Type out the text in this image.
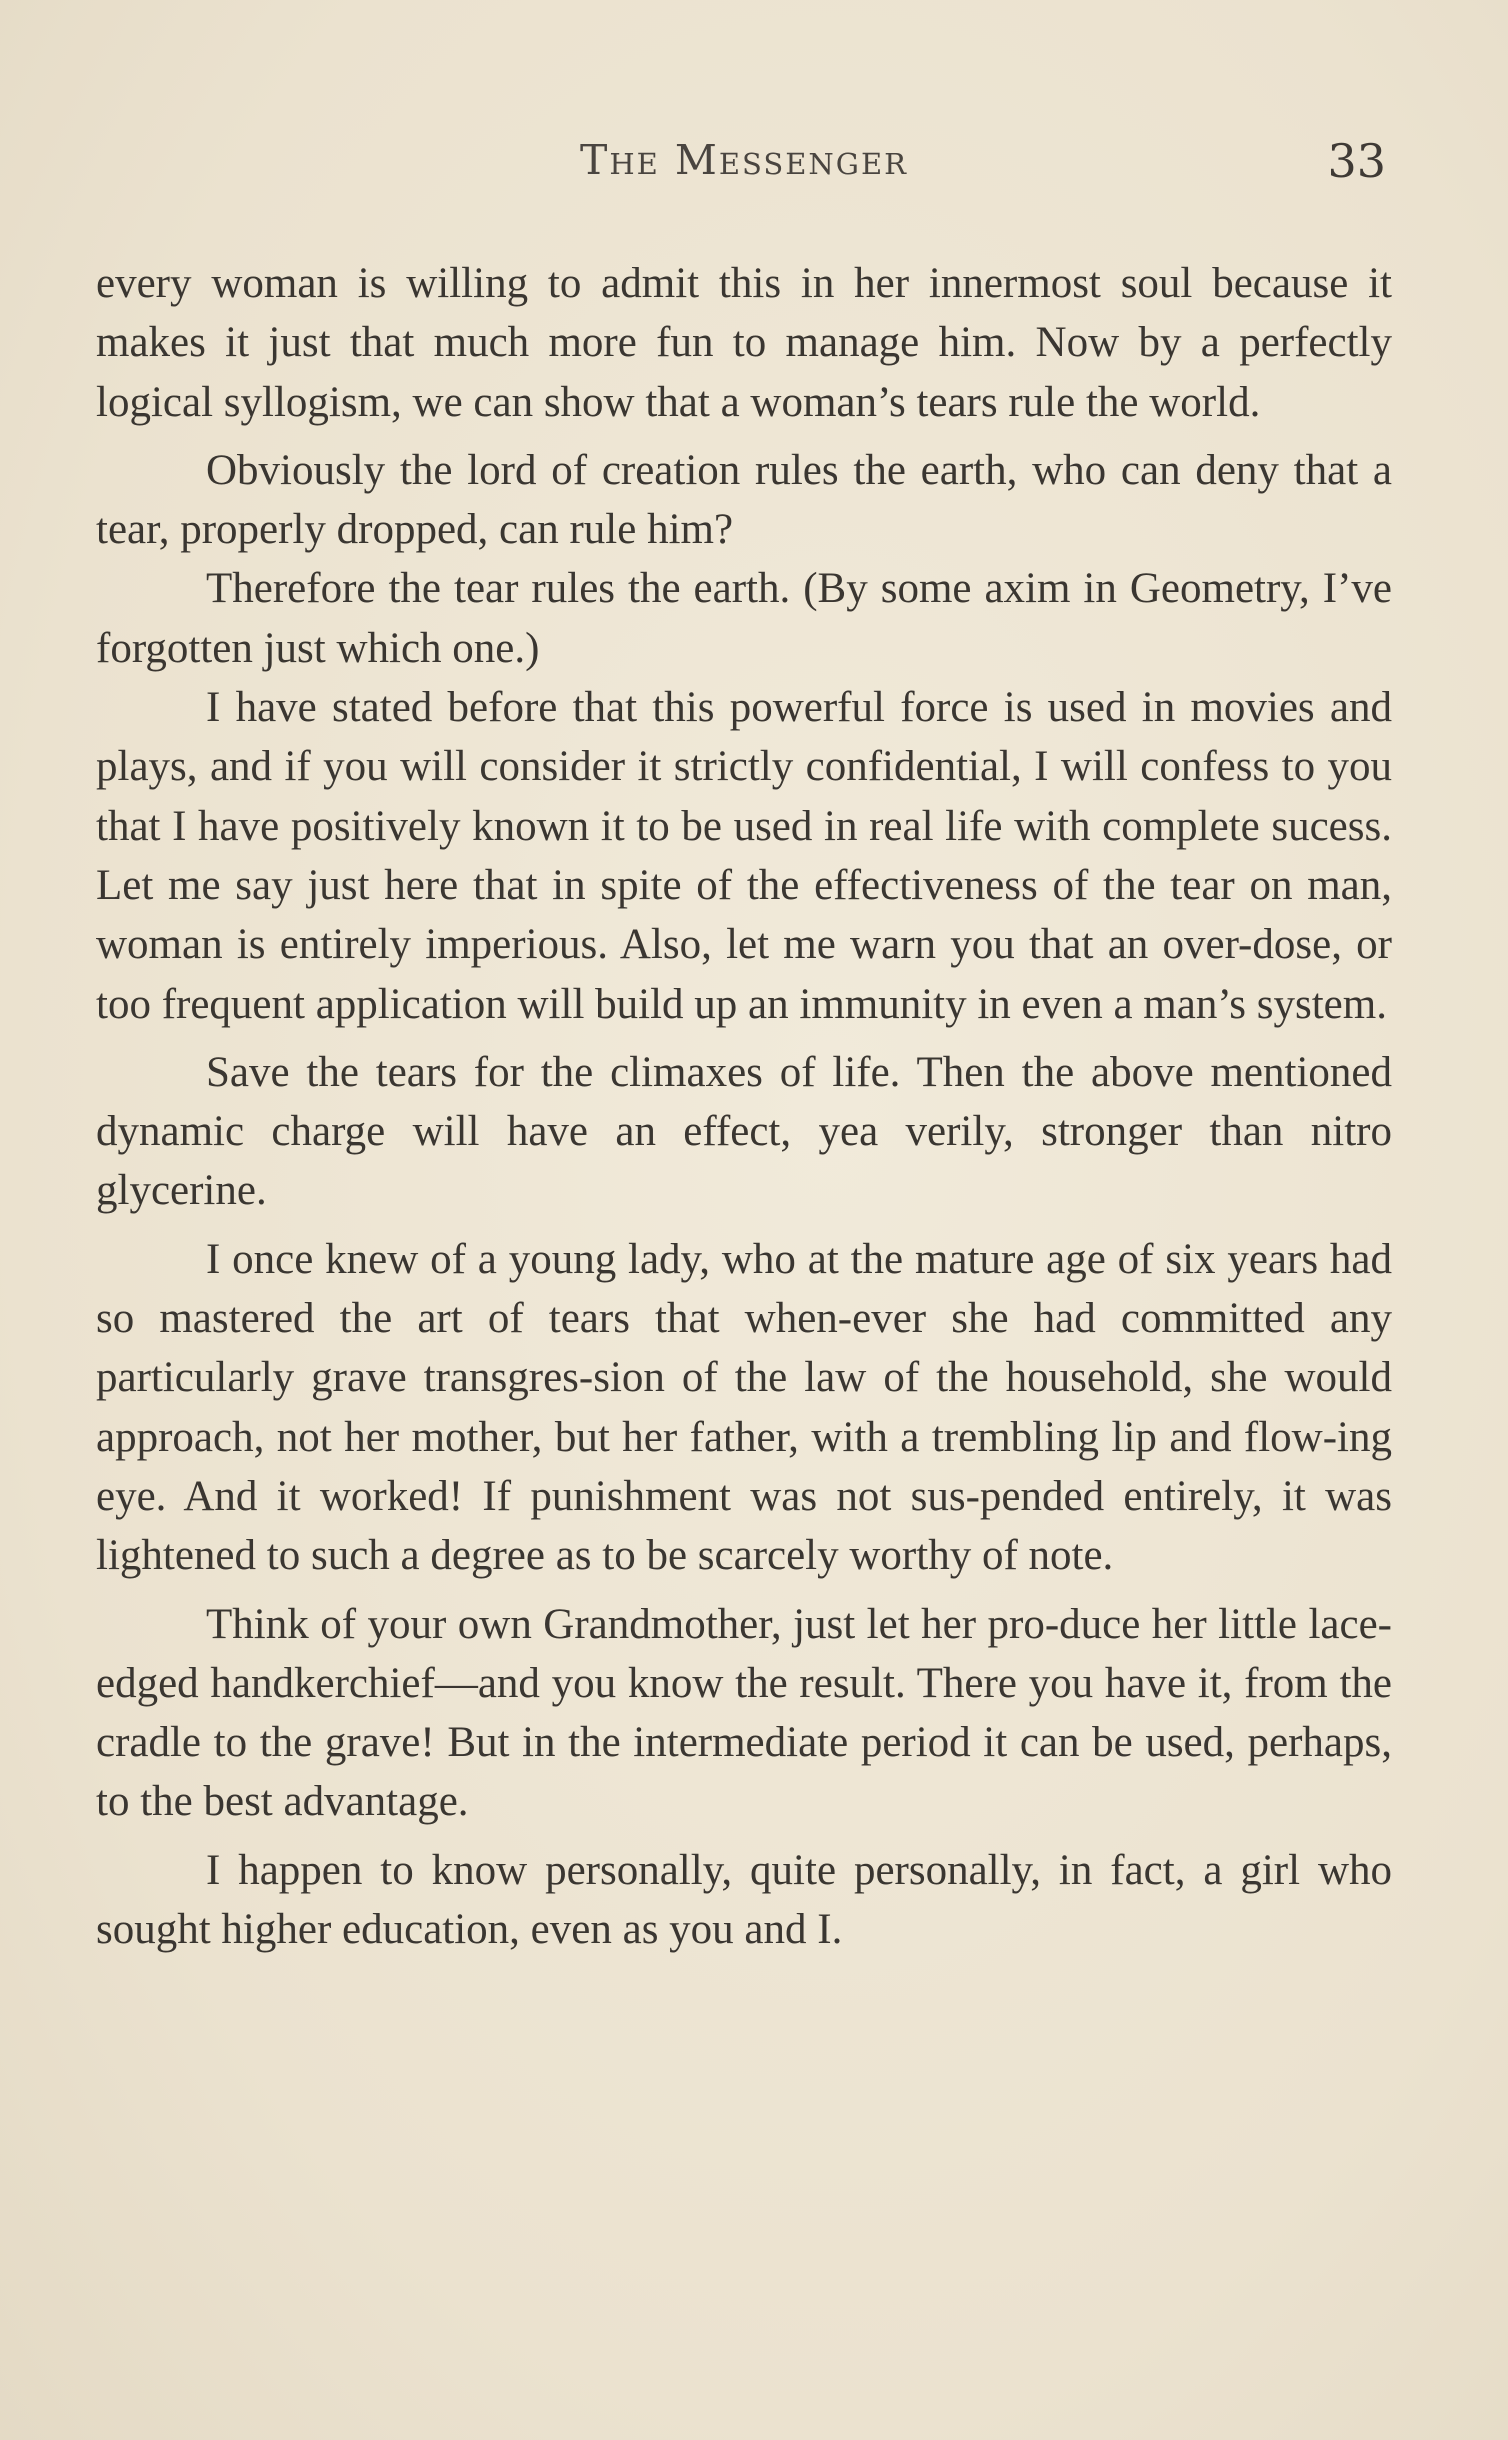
The Messenger	33

every woman is willing to admit this in her innermost soul because it makes it just that much more fun to manage him. Now by a perfectly logical syllogism, we can show that a woman’s tears rule the world.

Obviously the lord of creation rules the earth, who can deny that a tear, properly dropped, can rule him?

Therefore the tear rules the earth. (By some axim in Geometry, I’ve forgotten just which one.)

I have stated before that this powerful force is used in movies and plays, and if you will consider it strictly confidential, I will confess to you that I have positively known it to be used in real life with complete sucess. Let me say just here that in spite of the effectiveness of the tear on man, woman is entirely imperious. Also, let me warn you that an over-dose, or too frequent application will build up an immunity in even a man’s system.

Save the tears for the climaxes of life. Then the above mentioned dynamic charge will have an effect, yea verily, stronger than nitro glycerine.

I once knew of a young lady, who at the mature age of six years had so mastered the art of tears that when-ever she had committed any particularly grave transgres-sion of the law of the household, she would approach, not her mother, but her father, with a trembling lip and flow-ing eye. And it worked! If punishment was not sus-pended entirely, it was lightened to such a degree as to be scarcely worthy of note.

Think of your own Grandmother, just let her pro-duce her little lace-edged handkerchief—and you know the result. There you have it, from the cradle to the grave! But in the intermediate period it can be used, perhaps, to the best advantage.

I happen to know personally, quite personally, in fact, a girl who sought higher education, even as you and I.
